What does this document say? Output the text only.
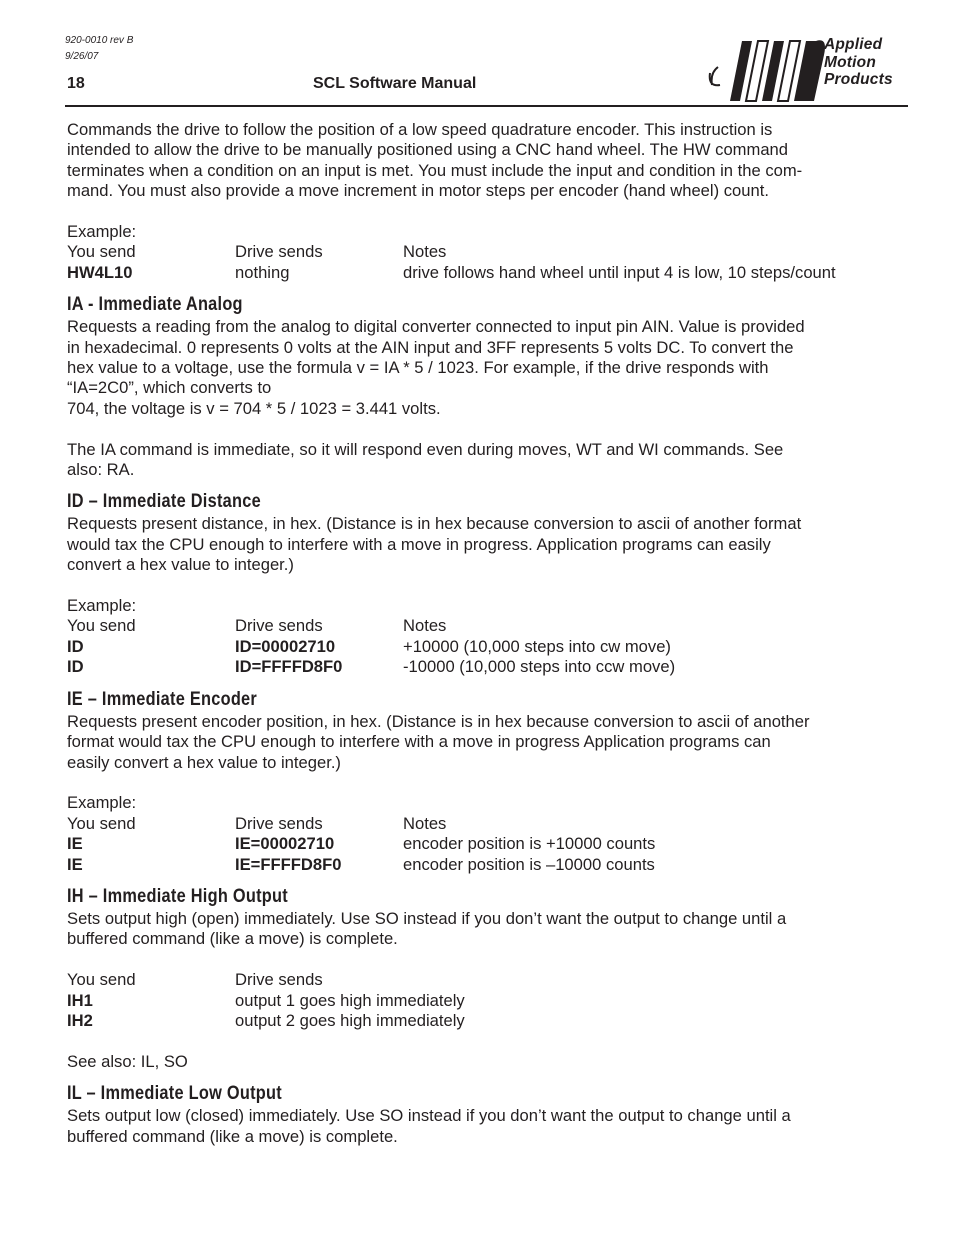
920-0010 rev B
9/26/07
18	SCL Software Manual
Applied
Motion
Products

Commands the drive to follow the position of a low speed quadrature encoder. This instruction is

intended to allow the drive to be manually positioned using a CNC hand wheel. The HW command

terminates when a condition on an input is met. You must include the input and condition in the com-

mand. You must also provide a move increment in motor steps per encoder (hand wheel) count.

Example:

You send	Drive sends	Notes
HW4L10	nothing	drive follows hand wheel until input 4 is low, 10 steps/count
IA - Immediate Analog

Requests a reading from the analog to digital converter connected to input pin AIN. Value is provided

in hexadecimal. 0 represents 0 volts at the AIN input and 3FF represents 5 volts DC. To convert the

hex value to a voltage, use the formula v = IA * 5 / 1023. For example, if the drive responds with

“IA=2C0”, which converts to

704, the voltage is v = 704 * 5 / 1023 = 3.441 volts.

The IA command is immediate, so it will respond even during moves, WT and WI commands. See

also: RA.

ID – Immediate Distance

Requests present distance, in hex. (Distance is in hex because conversion to ascii of another format

would tax the CPU enough to interfere with a move in progress. Application programs can easily

convert a hex value to integer.)

Example:

You send	Drive sends	Notes
ID	ID=00002710	+10000 (10,000 steps into cw move)
ID	ID=FFFFD8F0	-10000 (10,000 steps into ccw move)
IE – Immediate Encoder

Requests present encoder position, in hex. (Distance is in hex because conversion to ascii of another

format would tax the CPU enough to interfere with a move in progress Application programs can

easily convert a hex value to integer.)

Example:

You send	Drive sends	Notes
IE	IE=00002710	encoder position is +10000 counts
IE	IE=FFFFD8F0	encoder position is –10000 counts
IH – Immediate High Output

Sets output high (open) immediately. Use SO instead if you don’t want the output to change until a

buffered command (like a move) is complete.

You send	Drive sends
IH1	output 1 goes high immediately
IH2	output 2 goes high immediately

See also: IL, SO

IL – Immediate Low Output

Sets output low (closed) immediately. Use SO instead if you don’t want the output to change until a

buffered command (like a move) is complete.
